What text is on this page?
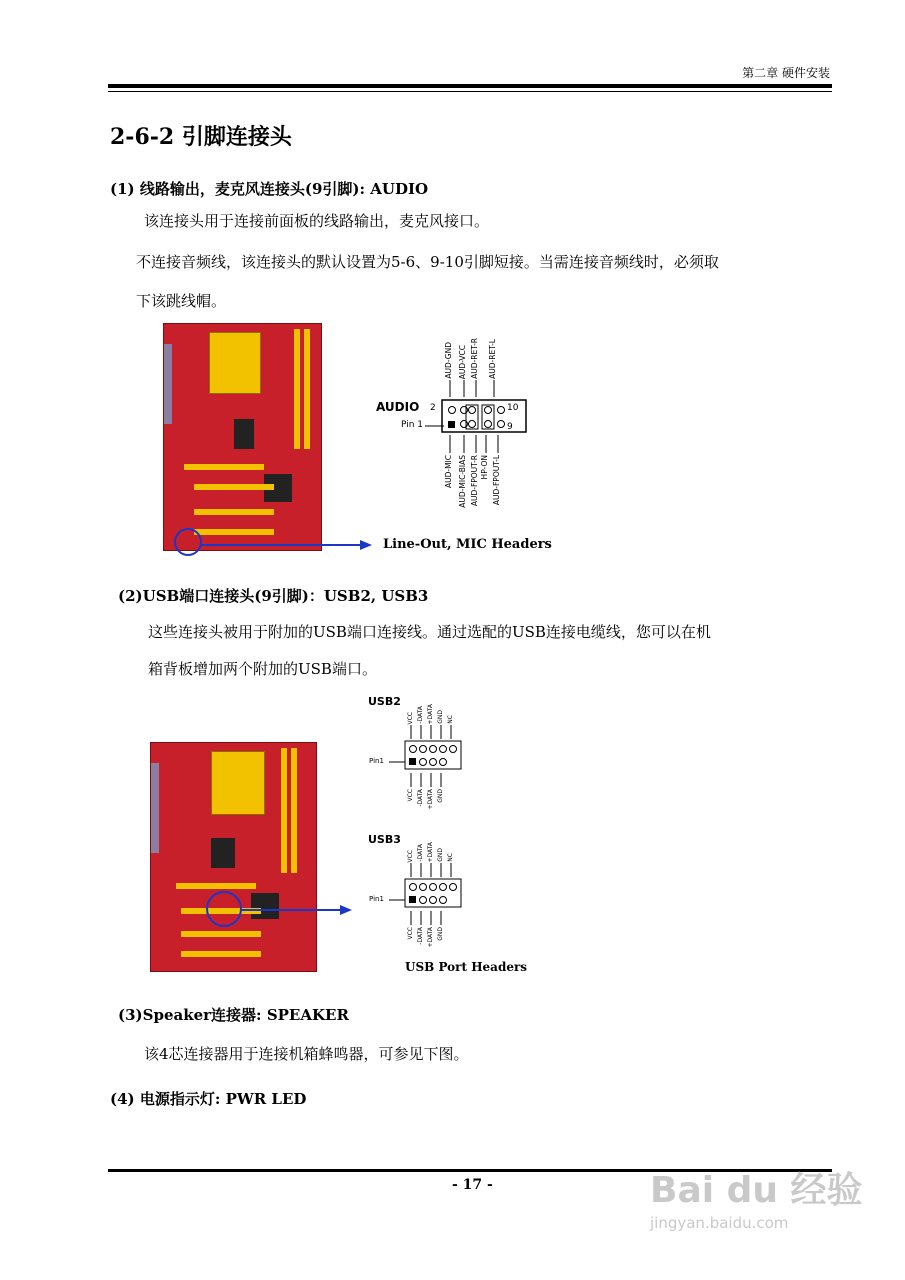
第二章 硬件安装
2-6-2 引脚连接头
(1) 线路输出，麦克风连接头(9引脚): AUDIO
该连接头用于连接前面板的线路输出，麦克风接口。
不连接音频线，该连接头的默认设置为5-6、9-10引脚短接。当需连接音频线时，必须取
下该跳线帽。
AUDIO 2	10
9
Pin 1
AUD-GND AUD-VCC AUD-RET-R AUD-RET-L
AUD-MIC AUD-MIC-BIAS AUD-FPOUT-R HP-ON AUD-FPOUT-L
Line-Out, MIC Headers
(2)USB端口连接头(9引脚)：USB2, USB3
这些连接头被用于附加的USB端口连接线。通过选配的USB连接电缆线，您可以在机
箱背板增加两个附加的USB端口。
USB2
VCC -DATA +DATA GND NC
Pin1
VCC -DATA +DATA GND
USB3
VCC -DATA +DATA GND NC
Pin1
VCC -DATA +DATA GND
USB Port Headers
(3)Speaker连接器: SPEAKER
该4芯连接器用于连接机箱蜂鸣器，可参见下图。
(4) 电源指示灯: PWR LED
- 17 -	Bai du 经验
jingyan.baidu.com
